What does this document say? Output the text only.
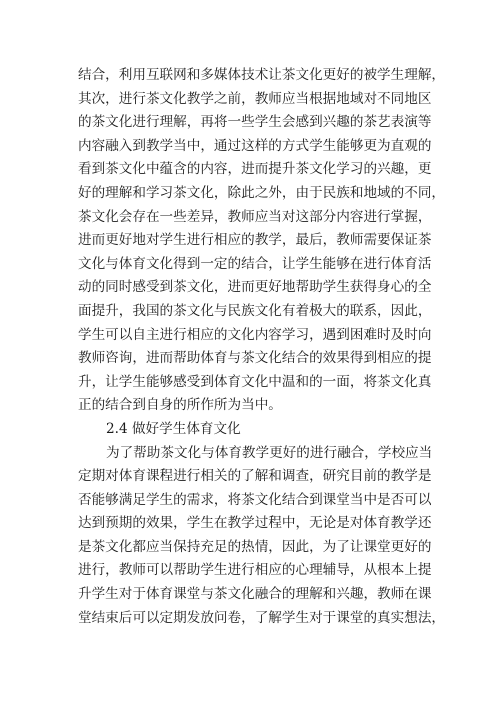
结合，利用互联网和多媒体技术让茶文化更好的被学生理解，
其次，进行茶文化教学之前，教师应当根据地域对不同地区
的茶文化进行理解，再将一些学生会感到兴趣的茶艺表演等
内容融入到教学当中，通过这样的方式学生能够更为直观的
看到茶文化中蕴含的内容，进而提升茶文化学习的兴趣，更
好的理解和学习茶文化，除此之外，由于民族和地域的不同，
茶文化会存在一些差异，教师应当对这部分内容进行掌握，
进而更好地对学生进行相应的教学，最后，教师需要保证茶
文化与体育文化得到一定的结合，让学生能够在进行体育活
动的同时感受到茶文化，进而更好地帮助学生获得身心的全
面提升，我国的茶文化与民族文化有着极大的联系，因此，
学生可以自主进行相应的文化内容学习，遇到困难时及时向
教师咨询，进而帮助体育与茶文化结合的效果得到相应的提
升，让学生能够感受到体育文化中温和的一面，将茶文化真
正的结合到自身的所作所为当中。
2.4 做好学生体育文化
为了帮助茶文化与体育教学更好的进行融合，学校应当
定期对体育课程进行相关的了解和调查，研究目前的教学是
否能够满足学生的需求，将茶文化结合到课堂当中是否可以
达到预期的效果，学生在教学过程中，无论是对体育教学还
是茶文化都应当保持充足的热情，因此，为了让课堂更好的
进行，教师可以帮助学生进行相应的心理辅导，从根本上提
升学生对于体育课堂与茶文化融合的理解和兴趣，教师在课
堂结束后可以定期发放问卷，了解学生对于课堂的真实想法，
